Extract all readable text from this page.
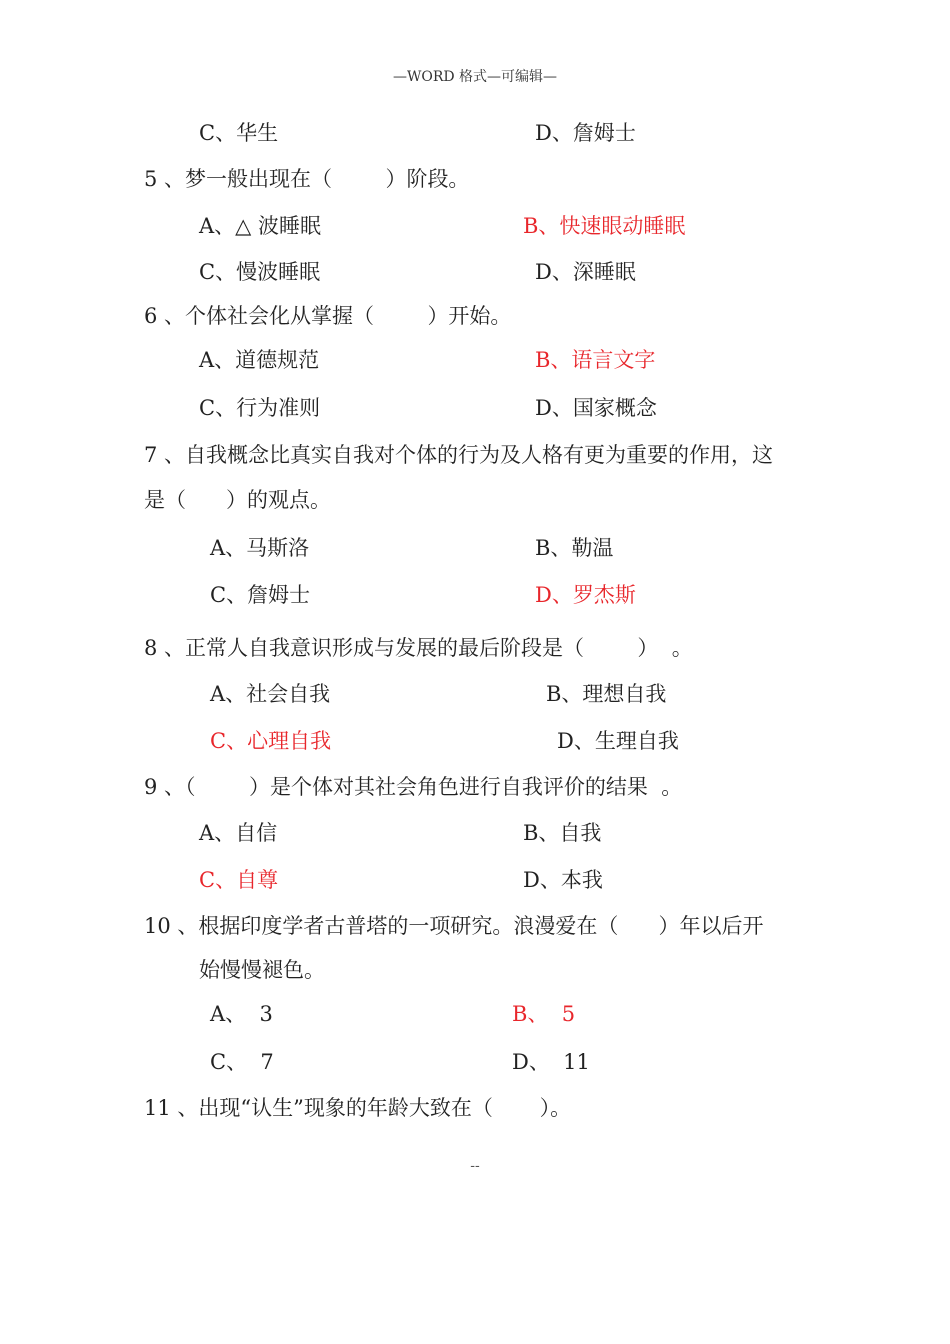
—WORD 格式—可编辑—
C、华生	D、詹姆士
5 、梦一般出现在（        ）阶段。
A、△ 波睡眠	B、快速眼动睡眠
C、慢波睡眠	D、深睡眠
6 、个体社会化从掌握（        ）开始。
A、道德规范	B、语言文字
C、行为准则	D、国家概念
7 、自我概念比真实自我对个体的行为及人格有更为重要的作用，这
是（      ）的观点。
A、马斯洛	B、勒温
C、詹姆士	D、罗杰斯
8 、正常人自我意识形成与发展的最后阶段是（        ）  。
A、社会自我	B、理想自我
C、心理自我	D、生理自我
9 、（        ）是个体对其社会角色进行自我评价的结果  。
A、自信	B、自我
C、自尊	D、本我
10 、根据印度学者古普塔的一项研究。浪漫爱在（      ）年以后开
始慢慢褪色。
A、  3	B、  5
C、  7	D、  11
11 、出现“认生”现象的年龄大致在（       ）。
--
